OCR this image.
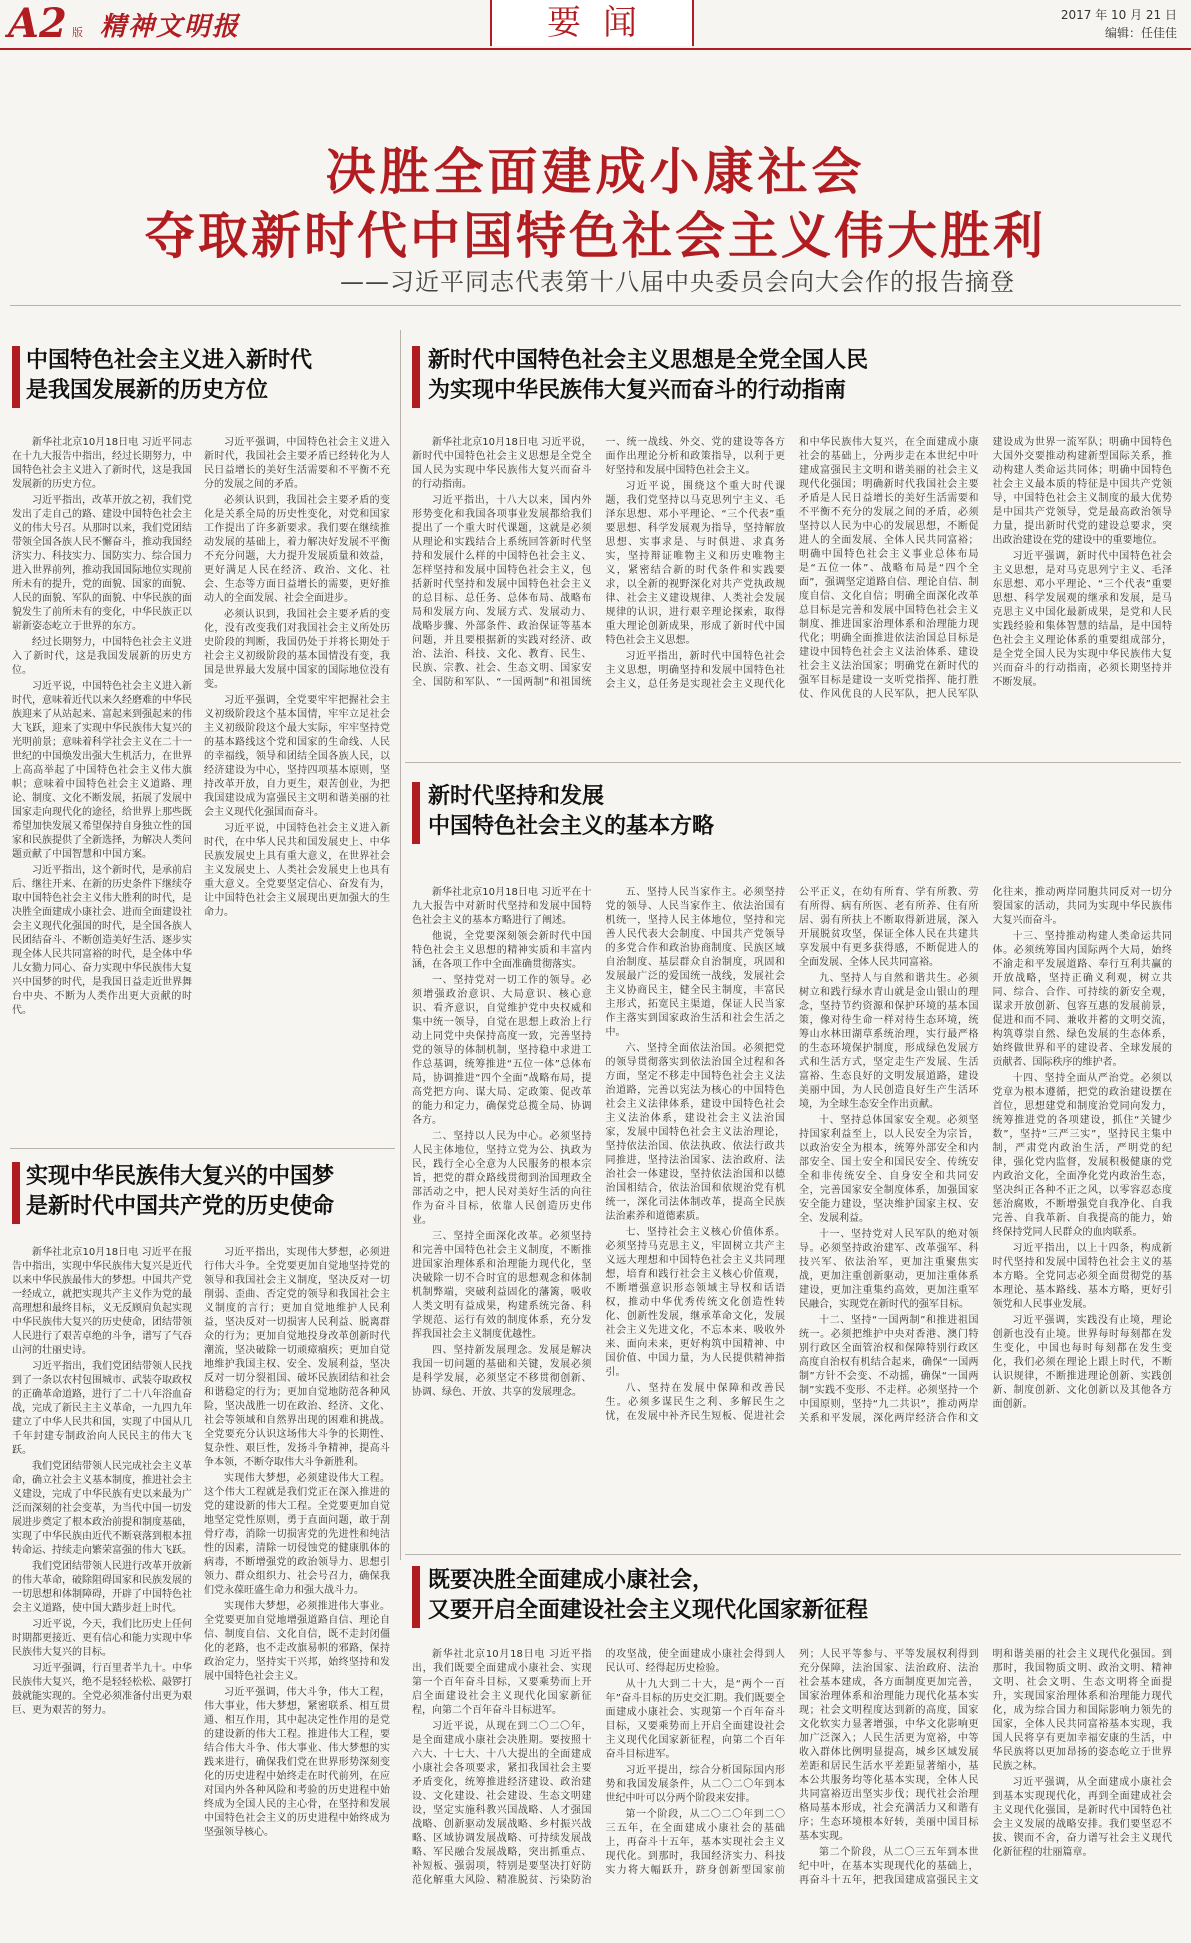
A2 版 精神文明报	要闻	2017 年 10 月 21 日
编辑：任佳佳
决胜全面建成小康社会
夺取新时代中国特色社会主义伟大胜利
——习近平同志代表第十八届中央委员会向大会作的报告摘登
中国特色社会主义进入新时代
是我国发展新的历史方位

新华社北京10月18日电 习近平同志在十九大报告中指出，经过长期努力，中国特色社会主义进入了新时代，这是我国发展新的历史方位。

习近平指出，改革开放之初，我们党发出了走自己的路、建设中国特色社会主义的伟大号召。从那时以来，我们党团结带领全国各族人民不懈奋斗，推动我国经济实力、科技实力、国防实力、综合国力进入世界前列，推动我国国际地位实现前所未有的提升，党的面貌、国家的面貌、人民的面貌、军队的面貌、中华民族的面貌发生了前所未有的变化，中华民族正以崭新姿态屹立于世界的东方。

经过长期努力，中国特色社会主义进入了新时代，这是我国发展新的历史方位。

习近平说，中国特色社会主义进入新时代，意味着近代以来久经磨难的中华民族迎来了从站起来、富起来到强起来的伟大飞跃，迎来了实现中华民族伟大复兴的光明前景；意味着科学社会主义在二十一世纪的中国焕发出强大生机活力，在世界上高高举起了中国特色社会主义伟大旗帜；意味着中国特色社会主义道路、理论、制度、文化不断发展，拓展了发展中国家走向现代化的途径，给世界上那些既希望加快发展又希望保持自身独立性的国家和民族提供了全新选择，为解决人类问题贡献了中国智慧和中国方案。

习近平指出，这个新时代，是承前启后、继往开来、在新的历史条件下继续夺取中国特色社会主义伟大胜利的时代，是决胜全面建成小康社会、进而全面建设社会主义现代化强国的时代，是全国各族人民团结奋斗、不断创造美好生活、逐步实现全体人民共同富裕的时代，是全体中华儿女勠力同心、奋力实现中华民族伟大复兴中国梦的时代，是我国日益走近世界舞台中央、不断为人类作出更大贡献的时代。

习近平强调，中国特色社会主义进入新时代，我国社会主要矛盾已经转化为人民日益增长的美好生活需要和不平衡不充分的发展之间的矛盾。

必须认识到，我国社会主要矛盾的变化是关系全局的历史性变化，对党和国家工作提出了许多新要求。我们要在继续推动发展的基础上，着力解决好发展不平衡不充分问题，大力提升发展质量和效益，更好满足人民在经济、政治、文化、社会、生态等方面日益增长的需要，更好推动人的全面发展、社会全面进步。

必须认识到，我国社会主要矛盾的变化，没有改变我们对我国社会主义所处历史阶段的判断，我国仍处于并将长期处于社会主义初级阶段的基本国情没有变，我国是世界最大发展中国家的国际地位没有变。

习近平强调，全党要牢牢把握社会主义初级阶段这个基本国情，牢牢立足社会主义初级阶段这个最大实际，牢牢坚持党的基本路线这个党和国家的生命线、人民的幸福线，领导和团结全国各族人民，以经济建设为中心，坚持四项基本原则，坚持改革开放，自力更生，艰苦创业，为把我国建设成为富强民主文明和谐美丽的社会主义现代化强国而奋斗。

习近平说，中国特色社会主义进入新时代，在中华人民共和国发展史上、中华民族发展史上具有重大意义，在世界社会主义发展史上、人类社会发展史上也具有重大意义。全党要坚定信心、奋发有为，让中国特色社会主义展现出更加强大的生命力。

实现中华民族伟大复兴的中国梦
是新时代中国共产党的历史使命

新华社北京10月18日电 习近平在报告中指出，实现中华民族伟大复兴是近代以来中华民族最伟大的梦想。中国共产党一经成立，就把实现共产主义作为党的最高理想和最终目标，义无反顾肩负起实现中华民族伟大复兴的历史使命，团结带领人民进行了艰苦卓绝的斗争，谱写了气吞山河的壮丽史诗。

习近平指出，我们党团结带领人民找到了一条以农村包围城市、武装夺取政权的正确革命道路，进行了二十八年浴血奋战，完成了新民主主义革命，一九四九年建立了中华人民共和国，实现了中国从几千年封建专制政治向人民民主的伟大飞跃。

我们党团结带领人民完成社会主义革命，确立社会主义基本制度，推进社会主义建设，完成了中华民族有史以来最为广泛而深刻的社会变革，为当代中国一切发展进步奠定了根本政治前提和制度基础，实现了中华民族由近代不断衰落到根本扭转命运、持续走向繁荣富强的伟大飞跃。

我们党团结带领人民进行改革开放新的伟大革命，破除阻碍国家和民族发展的一切思想和体制障碍，开辟了中国特色社会主义道路，使中国大踏步赶上时代。

习近平说，今天，我们比历史上任何时期都更接近、更有信心和能力实现中华民族伟大复兴的目标。

习近平强调，行百里者半九十。中华民族伟大复兴，绝不是轻轻松松、敲锣打鼓就能实现的。全党必须准备付出更为艰巨、更为艰苦的努力。

习近平指出，实现伟大梦想，必须进行伟大斗争。全党要更加自觉地坚持党的领导和我国社会主义制度，坚决反对一切削弱、歪曲、否定党的领导和我国社会主义制度的言行；更加自觉地维护人民利益，坚决反对一切损害人民利益、脱离群众的行为；更加自觉地投身改革创新时代潮流，坚决破除一切顽瘴痼疾；更加自觉地维护我国主权、安全、发展利益，坚决反对一切分裂祖国、破坏民族团结和社会和谐稳定的行为；更加自觉地防范各种风险，坚决战胜一切在政治、经济、文化、社会等领域和自然界出现的困难和挑战。全党要充分认识这场伟大斗争的长期性、复杂性、艰巨性，发扬斗争精神，提高斗争本领，不断夺取伟大斗争新胜利。

实现伟大梦想，必须建设伟大工程。这个伟大工程就是我们党正在深入推进的党的建设新的伟大工程。全党要更加自觉地坚定党性原则，勇于直面问题，敢于刮骨疗毒，消除一切损害党的先进性和纯洁性的因素，清除一切侵蚀党的健康肌体的病毒，不断增强党的政治领导力、思想引领力、群众组织力、社会号召力，确保我们党永葆旺盛生命力和强大战斗力。

实现伟大梦想，必须推进伟大事业。全党要更加自觉地增强道路自信、理论自信、制度自信、文化自信，既不走封闭僵化的老路，也不走改旗易帜的邪路，保持政治定力，坚持实干兴邦，始终坚持和发展中国特色社会主义。

习近平强调，伟大斗争，伟大工程，伟大事业，伟大梦想，紧密联系、相互贯通、相互作用，其中起决定性作用的是党的建设新的伟大工程。推进伟大工程，要结合伟大斗争、伟大事业、伟大梦想的实践来进行，确保我们党在世界形势深刻变化的历史进程中始终走在时代前列，在应对国内外各种风险和考验的历史进程中始终成为全国人民的主心骨，在坚持和发展中国特色社会主义的历史进程中始终成为坚强领导核心。

新时代中国特色社会主义思想是全党全国人民
为实现中华民族伟大复兴而奋斗的行动指南

新华社北京10月18日电 习近平说，新时代中国特色社会主义思想是全党全国人民为实现中华民族伟大复兴而奋斗的行动指南。

习近平指出，十八大以来，国内外形势变化和我国各项事业发展都给我们提出了一个重大时代课题，这就是必须从理论和实践结合上系统回答新时代坚持和发展什么样的中国特色社会主义、怎样坚持和发展中国特色社会主义，包括新时代坚持和发展中国特色社会主义的总目标、总任务、总体布局、战略布局和发展方向、发展方式、发展动力、战略步骤、外部条件、政治保证等基本问题，并且要根据新的实践对经济、政治、法治、科技、文化、教育、民生、民族、宗教、社会、生态文明、国家安全、国防和军队、“一国两制”和祖国统一、统一战线、外交、党的建设等各方面作出理论分析和政策指导，以利于更好坚持和发展中国特色社会主义。

习近平说，围绕这个重大时代课题，我们党坚持以马克思列宁主义、毛泽东思想、邓小平理论、“三个代表”重要思想、科学发展观为指导，坚持解放思想、实事求是、与时俱进、求真务实，坚持辩证唯物主义和历史唯物主义，紧密结合新的时代条件和实践要求，以全新的视野深化对共产党执政规律、社会主义建设规律、人类社会发展规律的认识，进行艰辛理论探索，取得重大理论创新成果，形成了新时代中国特色社会主义思想。

习近平指出，新时代中国特色社会主义思想，明确坚持和发展中国特色社会主义，总任务是实现社会主义现代化和中华民族伟大复兴，在全面建成小康社会的基础上，分两步走在本世纪中叶建成富强民主文明和谐美丽的社会主义现代化强国；明确新时代我国社会主要矛盾是人民日益增长的美好生活需要和不平衡不充分的发展之间的矛盾，必须坚持以人民为中心的发展思想，不断促进人的全面发展、全体人民共同富裕；明确中国特色社会主义事业总体布局是“五位一体”、战略布局是“四个全面”，强调坚定道路自信、理论自信、制度自信、文化自信；明确全面深化改革总目标是完善和发展中国特色社会主义制度、推进国家治理体系和治理能力现代化；明确全面推进依法治国总目标是建设中国特色社会主义法治体系、建设社会主义法治国家；明确党在新时代的强军目标是建设一支听党指挥、能打胜仗、作风优良的人民军队，把人民军队建设成为世界一流军队；明确中国特色大国外交要推动构建新型国际关系，推动构建人类命运共同体；明确中国特色社会主义最本质的特征是中国共产党领导，中国特色社会主义制度的最大优势是中国共产党领导，党是最高政治领导力量，提出新时代党的建设总要求，突出政治建设在党的建设中的重要地位。

习近平强调，新时代中国特色社会主义思想，是对马克思列宁主义、毛泽东思想、邓小平理论、“三个代表”重要思想、科学发展观的继承和发展，是马克思主义中国化最新成果，是党和人民实践经验和集体智慧的结晶，是中国特色社会主义理论体系的重要组成部分，是全党全国人民为实现中华民族伟大复兴而奋斗的行动指南，必须长期坚持并不断发展。

新时代坚持和发展
中国特色社会主义的基本方略

新华社北京10月18日电 习近平在十九大报告中对新时代坚持和发展中国特色社会主义的基本方略进行了阐述。

他说，全党要深刻领会新时代中国特色社会主义思想的精神实质和丰富内涵，在各项工作中全面准确贯彻落实。

一、坚持党对一切工作的领导。必须增强政治意识、大局意识、核心意识、看齐意识，自觉维护党中央权威和集中统一领导，自觉在思想上政治上行动上同党中央保持高度一致，完善坚持党的领导的体制机制，坚持稳中求进工作总基调，统筹推进“五位一体”总体布局，协调推进“四个全面”战略布局，提高党把方向、谋大局、定政策、促改革的能力和定力，确保党总揽全局、协调各方。

二、坚持以人民为中心。必须坚持人民主体地位，坚持立党为公、执政为民，践行全心全意为人民服务的根本宗旨，把党的群众路线贯彻到治国理政全部活动之中，把人民对美好生活的向往作为奋斗目标，依靠人民创造历史伟业。

三、坚持全面深化改革。必须坚持和完善中国特色社会主义制度，不断推进国家治理体系和治理能力现代化，坚决破除一切不合时宜的思想观念和体制机制弊端，突破利益固化的藩篱，吸收人类文明有益成果，构建系统完备、科学规范、运行有效的制度体系，充分发挥我国社会主义制度优越性。

四、坚持新发展理念。发展是解决我国一切问题的基础和关键，发展必须是科学发展，必须坚定不移贯彻创新、协调、绿色、开放、共享的发展理念。

五、坚持人民当家作主。必须坚持党的领导、人民当家作主、依法治国有机统一，坚持人民主体地位，坚持和完善人民代表大会制度、中国共产党领导的多党合作和政治协商制度、民族区域自治制度、基层群众自治制度，巩固和发展最广泛的爱国统一战线，发展社会主义协商民主，健全民主制度，丰富民主形式，拓宽民主渠道，保证人民当家作主落实到国家政治生活和社会生活之中。

六、坚持全面依法治国。必须把党的领导贯彻落实到依法治国全过程和各方面，坚定不移走中国特色社会主义法治道路，完善以宪法为核心的中国特色社会主义法律体系，建设中国特色社会主义法治体系，建设社会主义法治国家，发展中国特色社会主义法治理论，坚持依法治国、依法执政、依法行政共同推进，坚持法治国家、法治政府、法治社会一体建设，坚持依法治国和以德治国相结合，依法治国和依规治党有机统一，深化司法体制改革，提高全民族法治素养和道德素质。

七、坚持社会主义核心价值体系。必须坚持马克思主义，牢固树立共产主义远大理想和中国特色社会主义共同理想，培育和践行社会主义核心价值观，不断增强意识形态领域主导权和话语权，推动中华优秀传统文化创造性转化、创新性发展，继承革命文化，发展社会主义先进文化，不忘本来、吸收外来、面向未来，更好构筑中国精神、中国价值、中国力量，为人民提供精神指引。

八、坚持在发展中保障和改善民生。必须多谋民生之利、多解民生之忧，在发展中补齐民生短板、促进社会公平正义，在幼有所育、学有所教、劳有所得、病有所医、老有所养、住有所居、弱有所扶上不断取得新进展，深入开展脱贫攻坚，保证全体人民在共建共享发展中有更多获得感，不断促进人的全面发展、全体人民共同富裕。

九、坚持人与自然和谐共生。必须树立和践行绿水青山就是金山银山的理念，坚持节约资源和保护环境的基本国策，像对待生命一样对待生态环境，统筹山水林田湖草系统治理，实行最严格的生态环境保护制度，形成绿色发展方式和生活方式，坚定走生产发展、生活富裕、生态良好的文明发展道路，建设美丽中国，为人民创造良好生产生活环境，为全球生态安全作出贡献。

十、坚持总体国家安全观。必须坚持国家利益至上，以人民安全为宗旨，以政治安全为根本，统筹外部安全和内部安全、国土安全和国民安全、传统安全和非传统安全、自身安全和共同安全，完善国家安全制度体系，加强国家安全能力建设，坚决维护国家主权、安全、发展利益。

十一、坚持党对人民军队的绝对领导。必须坚持政治建军、改革强军、科技兴军、依法治军，更加注重聚焦实战，更加注重创新驱动，更加注重体系建设，更加注重集约高效，更加注重军民融合，实现党在新时代的强军目标。

十二、坚持“一国两制”和推进祖国统一。必须把维护中央对香港、澳门特别行政区全面管治权和保障特别行政区高度自治权有机结合起来，确保“一国两制”方针不会变、不动摇，确保“一国两制”实践不变形、不走样。必须坚持一个中国原则，坚持“九二共识”，推动两岸关系和平发展，深化两岸经济合作和文化往来，推动两岸同胞共同反对一切分裂国家的活动，共同为实现中华民族伟大复兴而奋斗。

十三、坚持推动构建人类命运共同体。必须统筹国内国际两个大局，始终不渝走和平发展道路、奉行互利共赢的开放战略，坚持正确义利观，树立共同、综合、合作、可持续的新安全观，谋求开放创新、包容互惠的发展前景，促进和而不同、兼收并蓄的文明交流，构筑尊崇自然、绿色发展的生态体系，始终做世界和平的建设者、全球发展的贡献者、国际秩序的维护者。

十四、坚持全面从严治党。必须以党章为根本遵循，把党的政治建设摆在首位，思想建党和制度治党同向发力，统筹推进党的各项建设，抓住“关键少数”，坚持“三严三实”，坚持民主集中制，严肃党内政治生活，严明党的纪律，强化党内监督，发展积极健康的党内政治文化，全面净化党内政治生态，坚决纠正各种不正之风，以零容忍态度惩治腐败，不断增强党自我净化、自我完善、自我革新、自我提高的能力，始终保持党同人民群众的血肉联系。

习近平指出，以上十四条，构成新时代坚持和发展中国特色社会主义的基本方略。全党同志必须全面贯彻党的基本理论、基本路线、基本方略，更好引领党和人民事业发展。

习近平强调，实践没有止境，理论创新也没有止境。世界每时每刻都在发生变化，中国也每时每刻都在发生变化，我们必须在理论上跟上时代，不断认识规律，不断推进理论创新、实践创新、制度创新、文化创新以及其他各方面创新。

既要决胜全面建成小康社会，
又要开启全面建设社会主义现代化国家新征程

新华社北京10月18日电 习近平指出，我们既要全面建成小康社会、实现第一个百年奋斗目标，又要乘势而上开启全面建设社会主义现代化国家新征程，向第二个百年奋斗目标进军。

习近平说，从现在到二〇二〇年，是全面建成小康社会决胜期。要按照十六大、十七大、十八大提出的全面建成小康社会各项要求，紧扣我国社会主要矛盾变化，统筹推进经济建设、政治建设、文化建设、社会建设、生态文明建设，坚定实施科教兴国战略、人才强国战略、创新驱动发展战略、乡村振兴战略、区域协调发展战略、可持续发展战略、军民融合发展战略，突出抓重点、补短板、强弱项，特别是要坚决打好防范化解重大风险、精准脱贫、污染防治的攻坚战，使全面建成小康社会得到人民认可、经得起历史检验。

从十九大到二十大，是“两个一百年”奋斗目标的历史交汇期。我们既要全面建成小康社会、实现第一个百年奋斗目标，又要乘势而上开启全面建设社会主义现代化国家新征程，向第二个百年奋斗目标进军。

习近平提出，综合分析国际国内形势和我国发展条件，从二〇二〇年到本世纪中叶可以分两个阶段来安排。

第一个阶段，从二〇二〇年到二〇三五年，在全面建成小康社会的基础上，再奋斗十五年，基本实现社会主义现代化。到那时，我国经济实力、科技实力将大幅跃升，跻身创新型国家前列；人民平等参与、平等发展权利得到充分保障，法治国家、法治政府、法治社会基本建成，各方面制度更加完善，国家治理体系和治理能力现代化基本实现；社会文明程度达到新的高度，国家文化软实力显著增强，中华文化影响更加广泛深入；人民生活更为宽裕，中等收入群体比例明显提高，城乡区域发展差距和居民生活水平差距显著缩小，基本公共服务均等化基本实现，全体人民共同富裕迈出坚实步伐；现代社会治理格局基本形成，社会充满活力又和谐有序；生态环境根本好转，美丽中国目标基本实现。

第二个阶段，从二〇三五年到本世纪中叶，在基本实现现代化的基础上，再奋斗十五年，把我国建成富强民主文明和谐美丽的社会主义现代化强国。到那时，我国物质文明、政治文明、精神文明、社会文明、生态文明将全面提升，实现国家治理体系和治理能力现代化，成为综合国力和国际影响力领先的国家，全体人民共同富裕基本实现，我国人民将享有更加幸福安康的生活，中华民族将以更加昂扬的姿态屹立于世界民族之林。

习近平强调，从全面建成小康社会到基本实现现代化，再到全面建成社会主义现代化强国，是新时代中国特色社会主义发展的战略安排。我们要坚忍不拔、锲而不舍，奋力谱写社会主义现代化新征程的壮丽篇章。
